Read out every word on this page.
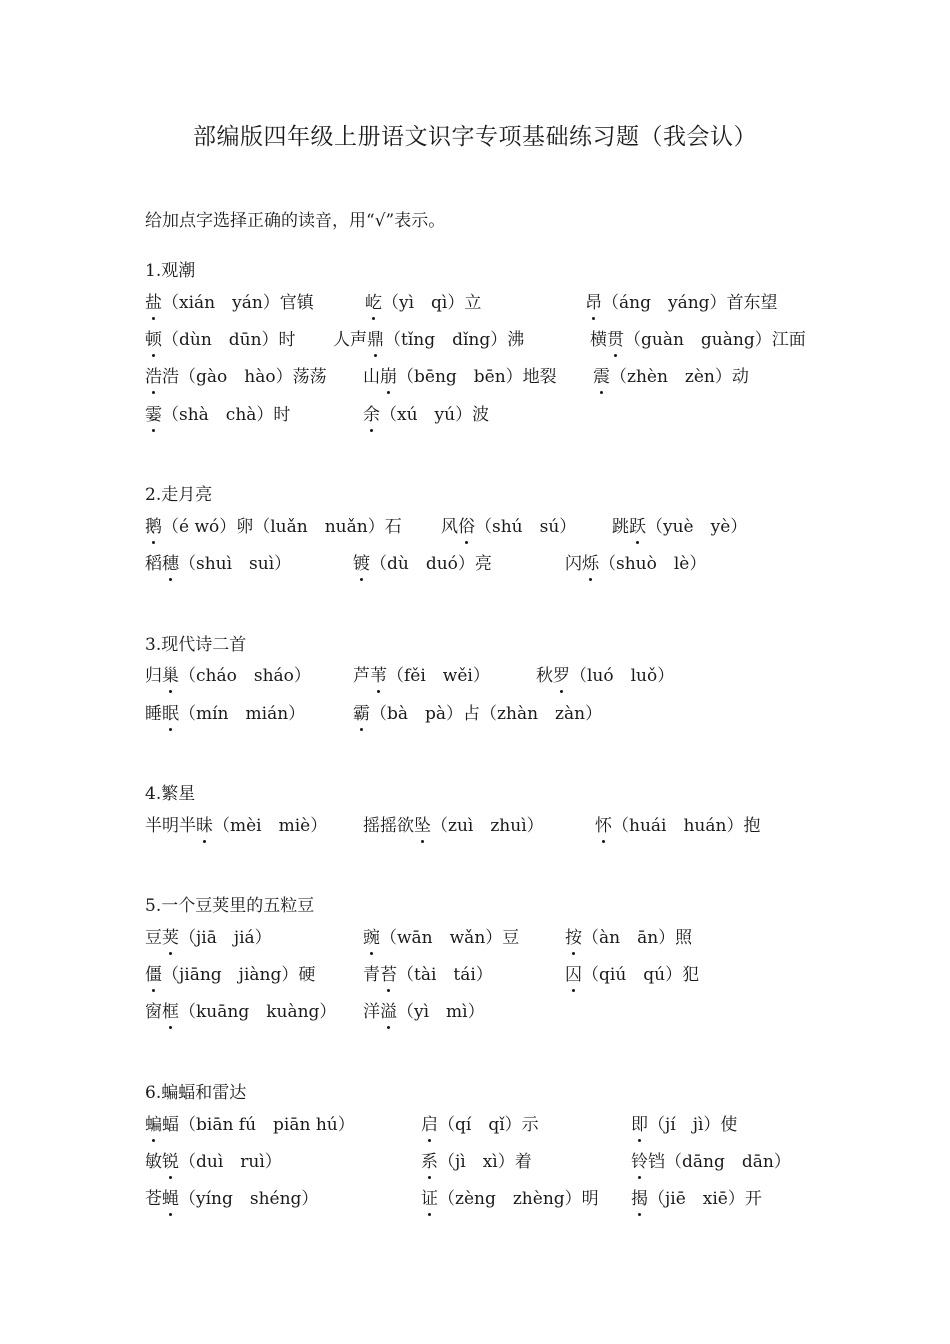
部编版四年级上册语文识字专项基础练习题（我会认）
给加点字选择正确的读音，用“√”表示。
1.观潮
盐（xián　yán）官镇	屹（yì　qì）立	昂（áng　yáng）首东望
顿（dùn　dūn）时 人声鼎（tǐng　dǐng）沸	横贯（guàn　guàng）江面
浩浩（gào　hào）荡荡 山崩（bēng　bēn）地裂 震（zhèn　zèn）动
霎（shà　chà）时	余（xú　yú）波
2.走月亮
鹅（é wó）卵（luǎn　nuǎn）石 风俗（shú　sú） 跳跃（yuè　yè）
稻穗（shuì　suì）	镀（dù　duó）亮	闪烁（shuò　lè）
3.现代诗二首
归巢（cháo　sháo） 芦苇（fěi　wěi）	秋罗（luó　luǒ）
睡眠（mín　mián）	霸（bà　pà）占（zhàn　zàn）
4.繁星
半明半昧（mèi　miè） 摇摇欲坠（zuì　zhuì）	怀（huái　huán）抱
5.一个豆荚里的五粒豆
豆荚（jiā　jiá）	豌（wān　wǎn）豆	按（àn　ān）照
僵（jiāng　jiàng）硬	青苔（tài　tái）	囚（qiú　qú）犯
窗框（kuāng　kuàng） 洋溢（yì　mì）
6.蝙蝠和雷达
蝙蝠（biān fú　piān hú）	启（qí　qǐ）示	即（jí　jì）使
敏锐（duì　ruì）	系（jì　xì）着	铃铛（dāng　dān）
苍蝇（yíng　shéng）	证（zèng　zhèng）明 揭（jiē　xiē）开
